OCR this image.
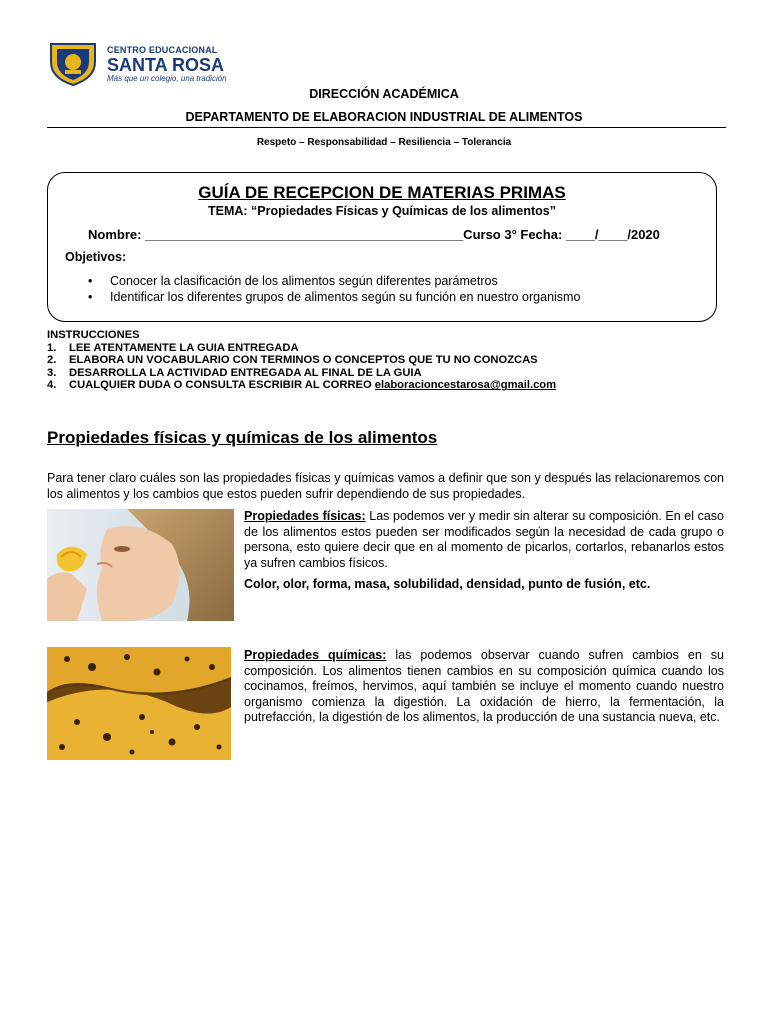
CENTRO EDUCACIONAL
SANTA ROSA
Más que un colegio, una tradición
DIRECCIÓN ACADÉMICA
DEPARTAMENTO DE ELABORACION INDUSTRIAL DE ALIMENTOS
Respeto – Responsabilidad – Resiliencia – Tolerancia
GUÍA DE RECEPCION DE MATERIAS PRIMAS
TEMA: “Propiedades Físicas y Químicas de los alimentos”
Nombre: ____________________________________________Curso 3° Fecha: ____/____/2020
Objetivos:
• Conocer la clasificación de los alimentos según diferentes parámetros
• Identificar los diferentes grupos de alimentos según su función en nuestro organismo
INSTRUCCIONES
1.	LEE ATENTAMENTE LA GUIA ENTREGADA
2.	ELABORA UN VOCABULARIO CON TERMINOS O CONCEPTOS QUE TU NO CONOZCAS
3.	DESARROLLA LA ACTIVIDAD ENTREGADA AL FINAL DE LA GUIA
4.	CUALQUIER DUDA O CONSULTA ESCRIBIR AL CORREO elaboracioncestarosa@gmail.com
Propiedades físicas y químicas de los alimentos
Para tener claro cuáles son las propiedades físicas y químicas vamos a definir que son y después las relacionaremos con los alimentos y los cambios que estos pueden sufrir dependiendo de sus propiedades.
Propiedades físicas: Las podemos ver y medir sin alterar su composición. En el caso de los alimentos estos pueden ser modificados según la necesidad de cada grupo o persona, esto quiere decir que en al momento de picarlos, cortarlos, rebanarlos estos ya sufren cambios físicos.
Color, olor, forma, masa, solubilidad, densidad, punto de fusión, etc.
Propiedades químicas: las podemos observar cuando sufren cambios en su composición. Los alimentos tienen cambios en su composición química cuando los cocinamos, freímos, hervimos, aquí también se incluye el momento cuando nuestro organismo comienza la digestión. La oxidación de hierro, la fermentación, la putrefacción, la digestión de los alimentos, la producción de una sustancia nueva, etc.
